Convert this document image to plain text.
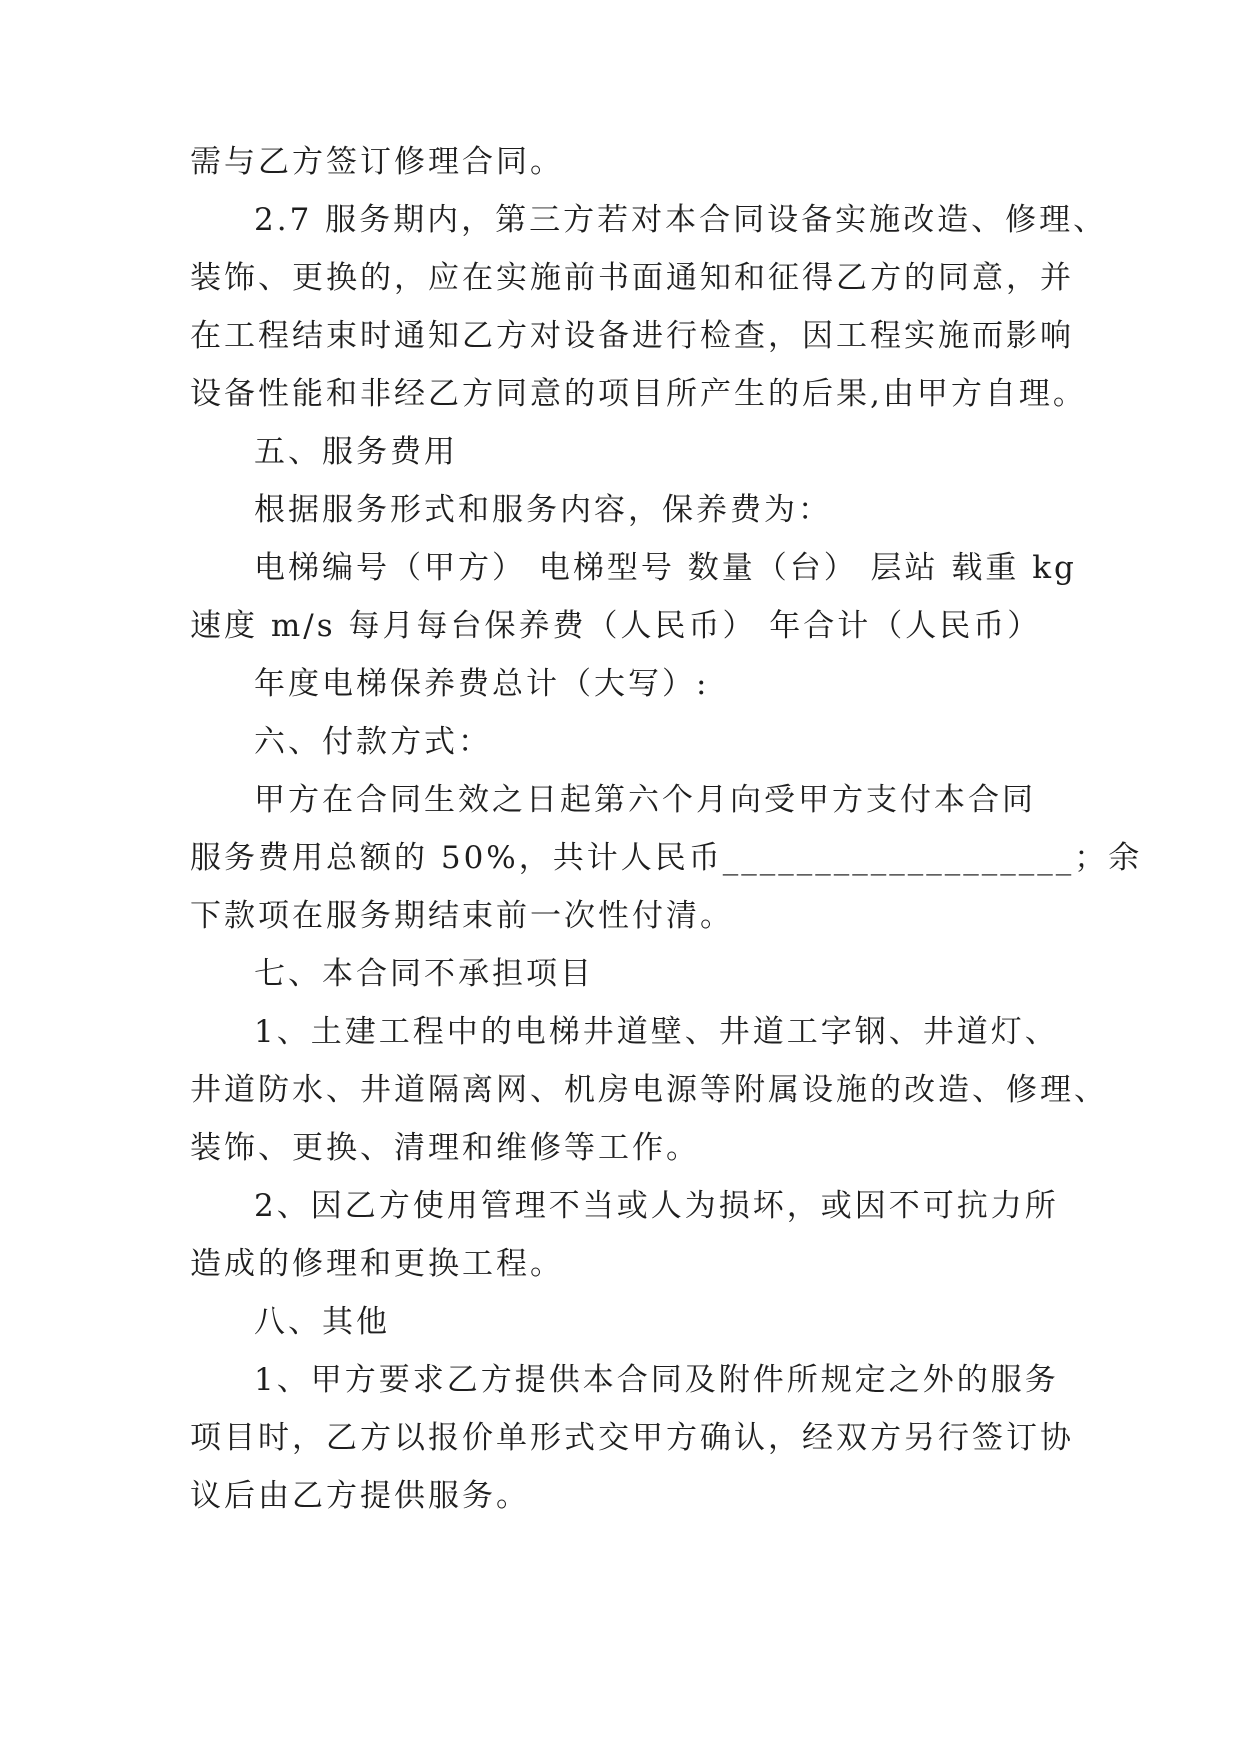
需与乙方签订修理合同。
2.7 服务期内，第三方若对本合同设备实施改造、修理、
装饰、更换的，应在实施前书面通知和征得乙方的同意，并
在工程结束时通知乙方对设备进行检查，因工程实施而影响
设备性能和非经乙方同意的项目所产生的后果,由甲方自理。
五、服务费用
根据服务形式和服务内容，保养费为：
电梯编号（甲方） 电梯型号 数量（台） 层站 载重 kg
速度 m/s 每月每台保养费（人民币） 年合计（人民币）
年度电梯保养费总计（大写）:
六、付款方式：
甲方在合同生效之日起第六个月向受甲方支付本合同
服务费用总额的 50%，共计人民币___________________；余
下款项在服务期结束前一次性付清。
七、本合同不承担项目
1、土建工程中的电梯井道壁、井道工字钢、井道灯、
井道防水、井道隔离网、机房电源等附属设施的改造、修理、
装饰、更换、清理和维修等工作。
2、因乙方使用管理不当或人为损坏，或因不可抗力所
造成的修理和更换工程。
八、其他
1、甲方要求乙方提供本合同及附件所规定之外的服务
项目时，乙方以报价单形式交甲方确认，经双方另行签订协
议后由乙方提供服务。
